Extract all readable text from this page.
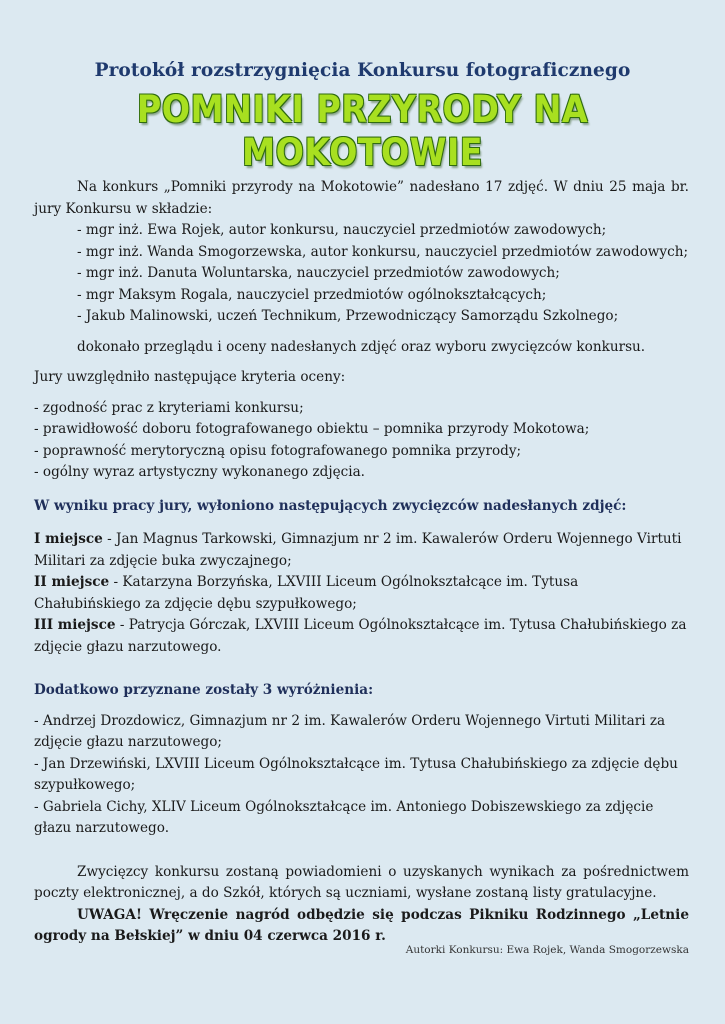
Protokół rozstrzygnięcia Konkursu fotograficznego
POMNIKI PRZYRODY NA MOKOTOWIE

Na konkurs „Pomniki przyrody na Mokotowie” nadesłano 17 zdjęć. W dniu 25 maja br. jury Konkursu w składzie:

- mgr inż. Ewa Rojek, autor konkursu, nauczyciel przedmiotów zawodowych;
- mgr inż. Wanda Smogorzewska, autor konkursu, nauczyciel przedmiotów zawodowych;
- mgr inż. Danuta Woluntarska, nauczyciel przedmiotów zawodowych;
- mgr Maksym Rogala, nauczyciel przedmiotów ogólnokształcących;
- Jakub Malinowski, uczeń Technikum, Przewodniczący Samorządu Szkolnego;

dokonało przeglądu i oceny nadesłanych zdjęć oraz wyboru zwycięzców konkursu.

Jury uwzględniło następujące kryteria oceny:

- zgodność prac z kryteriami konkursu;
- prawidłowość doboru fotografowanego obiektu – pomnika przyrody Mokotowa;
- poprawność merytoryczną opisu fotografowanego pomnika przyrody;
- ogólny wyraz artystyczny wykonanego zdjęcia.

W wyniku pracy jury, wyłoniono następujących zwycięzców nadesłanych zdjęć:

I miejsce - Jan Magnus Tarkowski, Gimnazjum nr 2 im. Kawalerów Orderu Wojennego Virtuti Militari za zdjęcie buka zwyczajnego;

II miejsce - Katarzyna Borzyńska, LXVIII Liceum Ogólnokształcące im. Tytusa Chałubińskiego za zdjęcie dębu szypułkowego;

III miejsce - Patrycja Górczak, LXVIII Liceum Ogólnokształcące im. Tytusa Chałubińskiego za zdjęcie głazu narzutowego.

Dodatkowo przyznane zostały 3 wyróżnienia:

- Andrzej Drozdowicz, Gimnazjum nr 2 im. Kawalerów Orderu Wojennego Virtuti Militari za zdjęcie głazu narzutowego;

- Jan Drzewiński, LXVIII Liceum Ogólnokształcące im. Tytusa Chałubińskiego za zdjęcie dębu szypułkowego;

- Gabriela Cichy, XLIV Liceum Ogólnokształcące im. Antoniego Dobiszewskiego za zdjęcie głazu narzutowego.

Zwycięzcy konkursu zostaną powiadomieni o uzyskanych wynikach za pośrednictwem poczty elektronicznej, a do Szkół, których są uczniami, wysłane zostaną listy gratulacyjne.

UWAGA! Wręczenie nagród odbędzie się podczas Pikniku Rodzinnego „Letnie ogrody na Bełskiej” w dniu 04 czerwca 2016 r.

Autorki Konkursu: Ewa Rojek, Wanda Smogorzewska
